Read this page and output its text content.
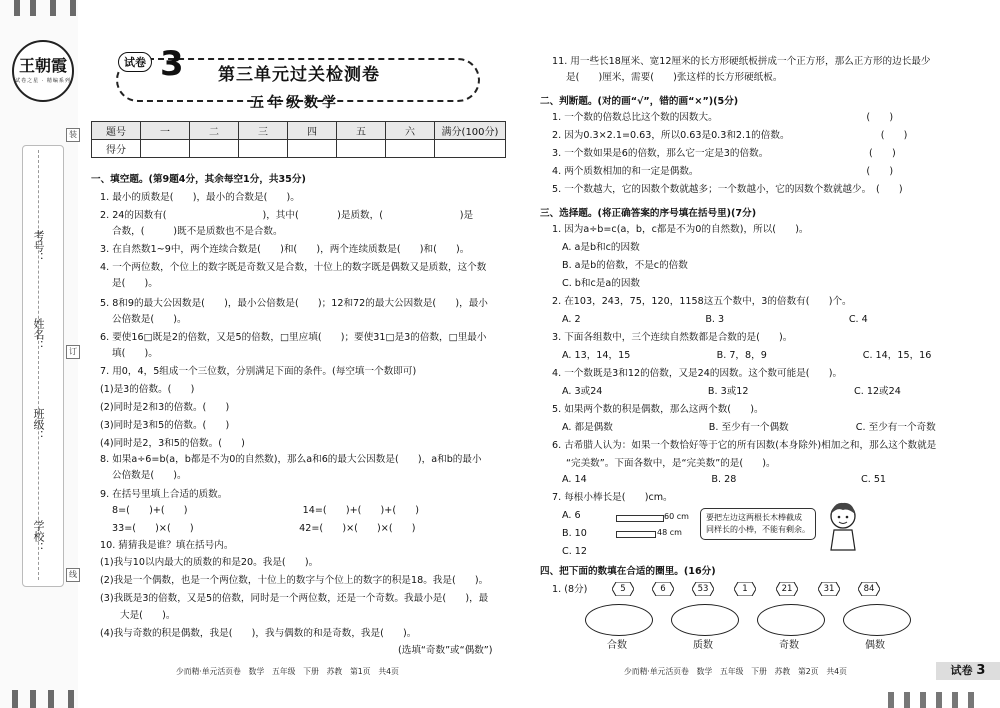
王朝霞
试卷之星 · 精编系列
考号：
姓名：
班级：
学校：
装
订
线
试卷 3 第三单元过关检测卷
五年级数学
题号	一	二	三	四	五	六	满分(100分)
得分							
一、填空题。(第9题4分，其余每空1分，共35分)
1. 最小的质数是(　　)，最小的合数是(　　)。
2. 24的因数有(　　　　　　　　　　)，其中(　　　　)是质数，(　　　　　　　　)是
合数，(　　　)既不是质数也不是合数。
3. 在自然数1~9中，两个连续合数是(　　)和(　　)，两个连续质数是(　　)和(　　)。
4. 一个两位数，个位上的数字既是奇数又是合数，十位上的数字既是偶数又是质数，这个数
是(　　)。
5. 8和9的最大公因数是(　　)，最小公倍数是(　　)；12和72的最大公因数是(　　)，最小
公倍数是(　　)。
6. 要使16□既是2的倍数，又是5的倍数，□里应填(　　)；要使31□是3的倍数，□里最小
填(　　)。
7. 用0，4，5组成一个三位数，分别满足下面的条件。(每空填一个数即可)
(1)是3的倍数。(　　)
(2)同时是2和3的倍数。(　　)
(3)同时是3和5的倍数。(　　)
(4)同时是2，3和5的倍数。(　　)
8. 如果a÷6=b(a，b都是不为0的自然数)，那么a和6的最大公因数是(　　)，a和b的最小
公倍数是(　　)。
9. 在括号里填上合适的质数。
8=(　　)+(　　)　　　　　　　　　　　　14=(　　)+(　　)+(　　)
33=(　　)×(　　)　　　　　　　　　　　42=(　　)×(　　)×(　　)
10. 猜猜我是谁？填在括号内。
(1)我与10以内最大的质数的和是20。我是(　　)。
(2)我是一个偶数，也是一个两位数，十位上的数字与个位上的数字的积是18。我是(　　)。
(3)我既是3的倍数，又是5的倍数，同时是一个两位数，还是一个奇数。我最小是(　　)，最
大是(　　)。
(4)我与奇数的积是偶数，我是(　　)，我与偶数的和是奇数，我是(　　)。
(选填“奇数”或“偶数”)
11. 用一些长18厘米、宽12厘米的长方形硬纸板拼成一个正方形，那么正方形的边长最少
是(　　)厘米，需要(　　)张这样的长方形硬纸板。
二、判断题。(对的画“√”，错的画“×”)(5分)
1. 一个数的倍数总比这个数的因数大。　　　　　　　　　　　　　　　　(　　)
2. 因为0.3×2.1=0.63，所以0.63是0.3和2.1的倍数。　　　　　　　　　　(　　)
3. 一个数如果是6的倍数，那么它一定是3的倍数。　　　　　　　　　　　(　　)
4. 两个质数相加的和一定是偶数。　　　　　　　　　　　　　　　　　　(　　)
5. 一个数越大，它的因数个数就越多；一个数越小，它的因数个数就越少。　(　　)
三、选择题。(将正确答案的序号填在括号里)(7分)
1. 因为a÷b=c(a，b，c都是不为0的自然数)，所以(　　)。
A. a是b和c的因数
B. a是b的倍数，不是c的倍数
C. b和c是a的因数
2. 在103，243，75，120，1158这五个数中，3的倍数有(　　)个。
A. 2　　　　　　　　　　　　　B. 3　　　　　　　　　　　　　C. 4
3. 下面各组数中，三个连续自然数都是合数的是(　　)。
A. 13，14，15　　　　　　　　　B. 7，8，9　　　　　　　　　　C. 14，15，16
4. 一个数既是3和12的倍数，又是24的因数。这个数可能是(　　)。
A. 3或24　　　　　　　　　　　B. 3或12　　　　　　　　　　　C. 12或24
5. 如果两个数的积是偶数，那么这两个数(　　)。
A. 都是偶数　　　　　　　　　　B. 至少有一个偶数　　　　　　　C. 至少有一个奇数
6. 古希腊人认为：如果一个数恰好等于它的所有因数(本身除外)相加之和，那么这个数就是
“完美数”。下面各数中，是“完美数”的是(　　)。
A. 14　　　　　　　　　　　　　B. 28　　　　　　　　　　　　　C. 51
7. 每根小棒长是(　　)cm。
A. 6
B. 10
C. 12
四、把下面的数填在合适的圈里。(16分)
1. (8分)
60 cm
48 cm
要把左边这两根长木棒截成
同样长的小棒，不能有剩余。
5	6	53	1	21	31	84
合数	质数	奇数	偶数
少而精·单元活页卷　数学　五年级　下册　苏教　第1页　共4页	少而精·单元活页卷　数学　五年级　下册　苏教　第2页　共4页	试卷 3
